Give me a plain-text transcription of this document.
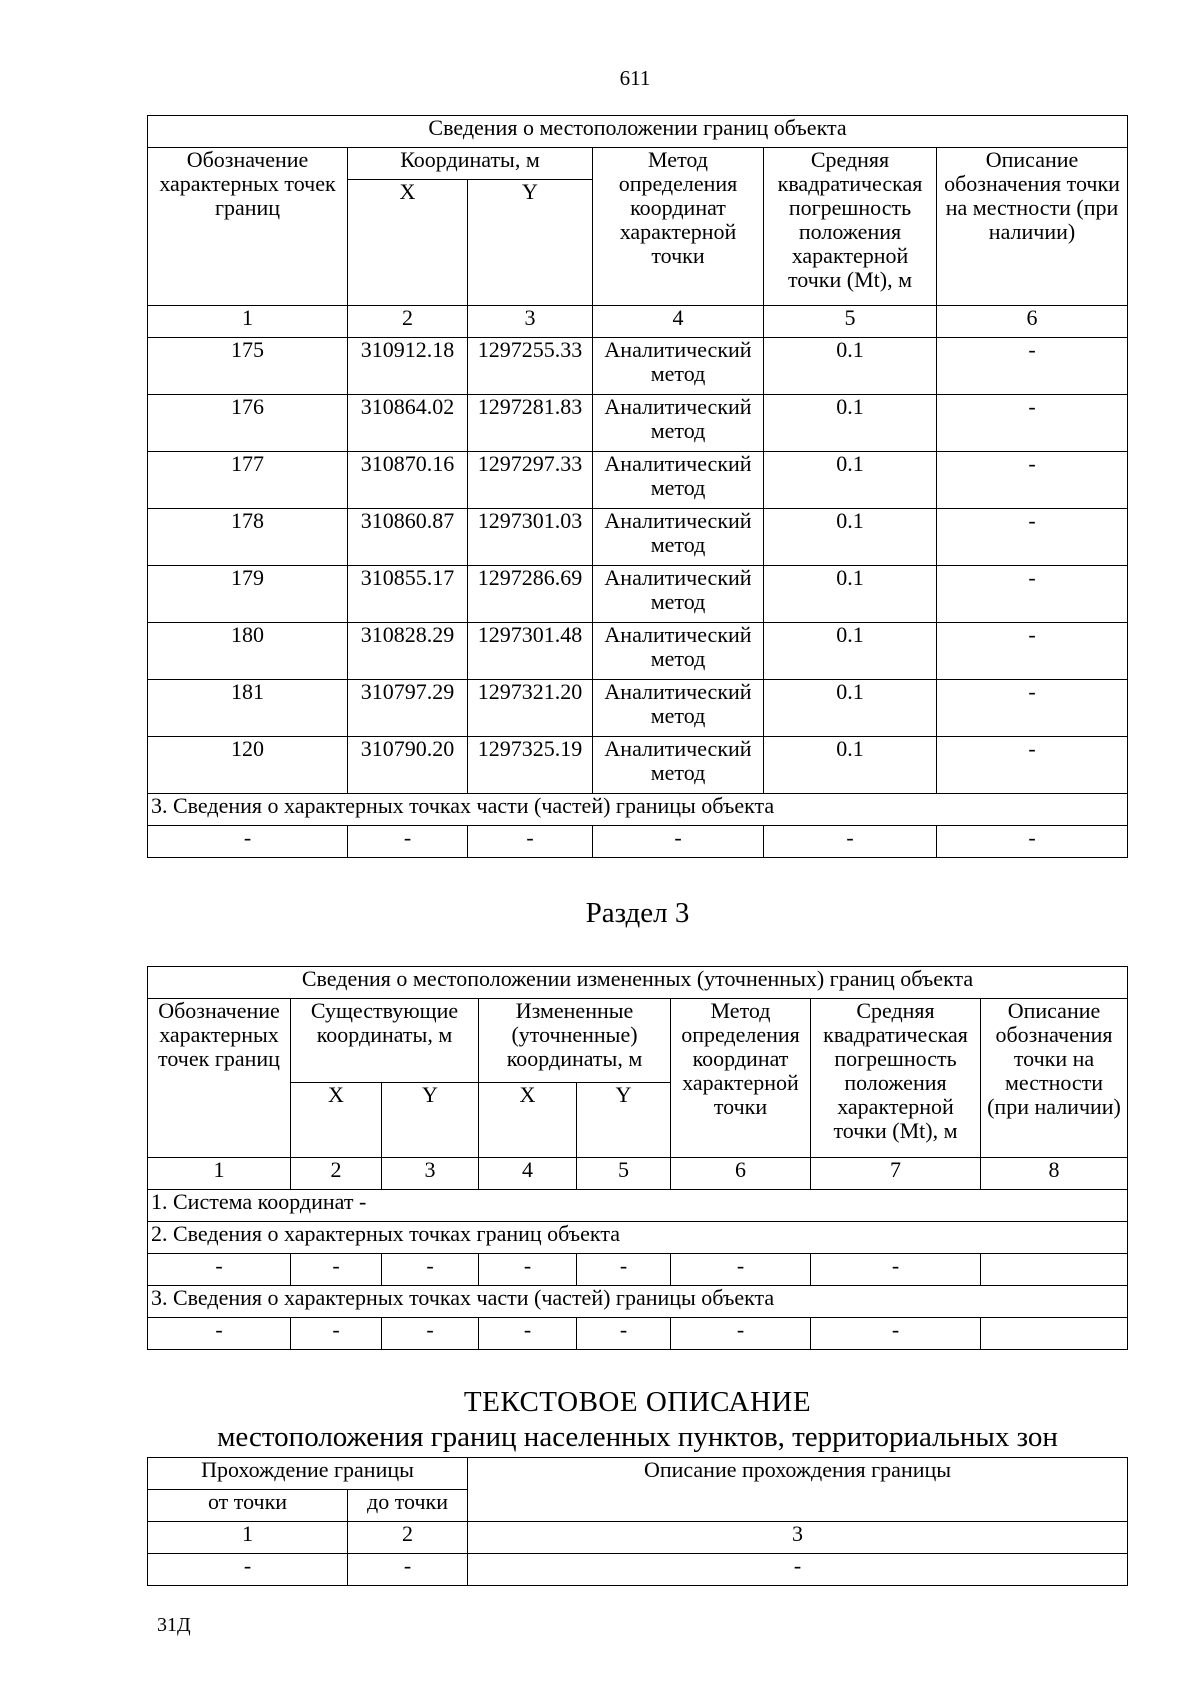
611
Сведения о местоположении границ объекта					
Обозначение характерных точек границ	Координаты, м		Метод определения координат характерной точки	Средняя квадратическая погрешность положения характерной точки (Mt), м	Описание обозначения точки на местности (при наличии)
	X	Y			
1	2	3	4	5	6
175	310912.18	1297255.33	Аналитический метод	0.1	-
176	310864.02	1297281.83	Аналитический метод	0.1	-
177	310870.16	1297297.33	Аналитический метод	0.1	-
178	310860.87	1297301.03	Аналитический метод	0.1	-
179	310855.17	1297286.69	Аналитический метод	0.1	-
180	310828.29	1297301.48	Аналитический метод	0.1	-
181	310797.29	1297321.20	Аналитический метод	0.1	-
120	310790.20	1297325.19	Аналитический метод	0.1	-
3. Сведения о характерных точках части (частей) границы объекта					
-	-	-	-	-	-
Раздел 3
Сведения о местоположении измененных (уточненных) границ объекта							
Обозначение характерных точек границ	Существующие координаты, м		Измененные (уточненные) координаты, м		Метод определения координат характерной точки	Средняя квадратическая погрешность положения характерной точки (Mt), м	Описание обозначения точки на местности (при наличии)
	X	Y	X	Y			
1	2	3	4	5	6	7	8
1. Система координат -							
2. Сведения о характерных точках границ объекта							
-	-	-	-	-	-	-	
3. Сведения о характерных точках части (частей) границы объекта							
-	-	-	-	-	-	-	
ТЕКСТОВОЕ ОПИСАНИЕ
местоположения границ населенных пунктов, территориальных зон
Прохождение границы		Описание прохождения границы
от точки	до точки	
1	2	3
-	-	-
31Д
